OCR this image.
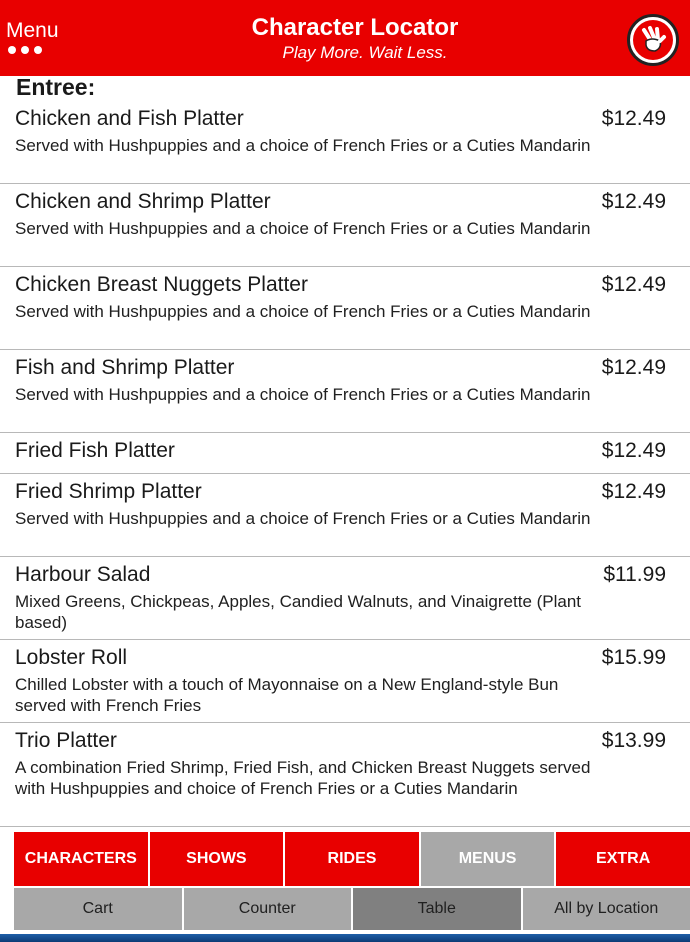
Menu	Character Locator
Play More. Wait Less.
Entree:
Chicken and Fish Platter	$12.49
Served with Hushpuppies and a choice of French Fries or a Cuties Mandarin
Chicken and Shrimp Platter	$12.49
Served with Hushpuppies and a choice of French Fries or a Cuties Mandarin
Chicken Breast Nuggets Platter	$12.49
Served with Hushpuppies and a choice of French Fries or a Cuties Mandarin
Fish and Shrimp Platter	$12.49
Served with Hushpuppies and a choice of French Fries or a Cuties Mandarin
Fried Fish Platter	$12.49
Fried Shrimp Platter	$12.49
Served with Hushpuppies and a choice of French Fries or a Cuties Mandarin
Harbour Salad	$11.99
Mixed Greens, Chickpeas, Apples, Candied Walnuts, and Vinaigrette (Plant based)
Lobster Roll	$15.99
Chilled Lobster with a touch of Mayonnaise on a New England-style Bun served with French Fries
Trio Platter	$13.99
A combination Fried Shrimp, Fried Fish, and Chicken Breast Nuggets served with Hushpuppies and choice of French Fries or a Cuties Mandarin
CHARACTERS	SHOWS	RIDES	MENUS	EXTRA
Cart	Counter	Table	All by Location
